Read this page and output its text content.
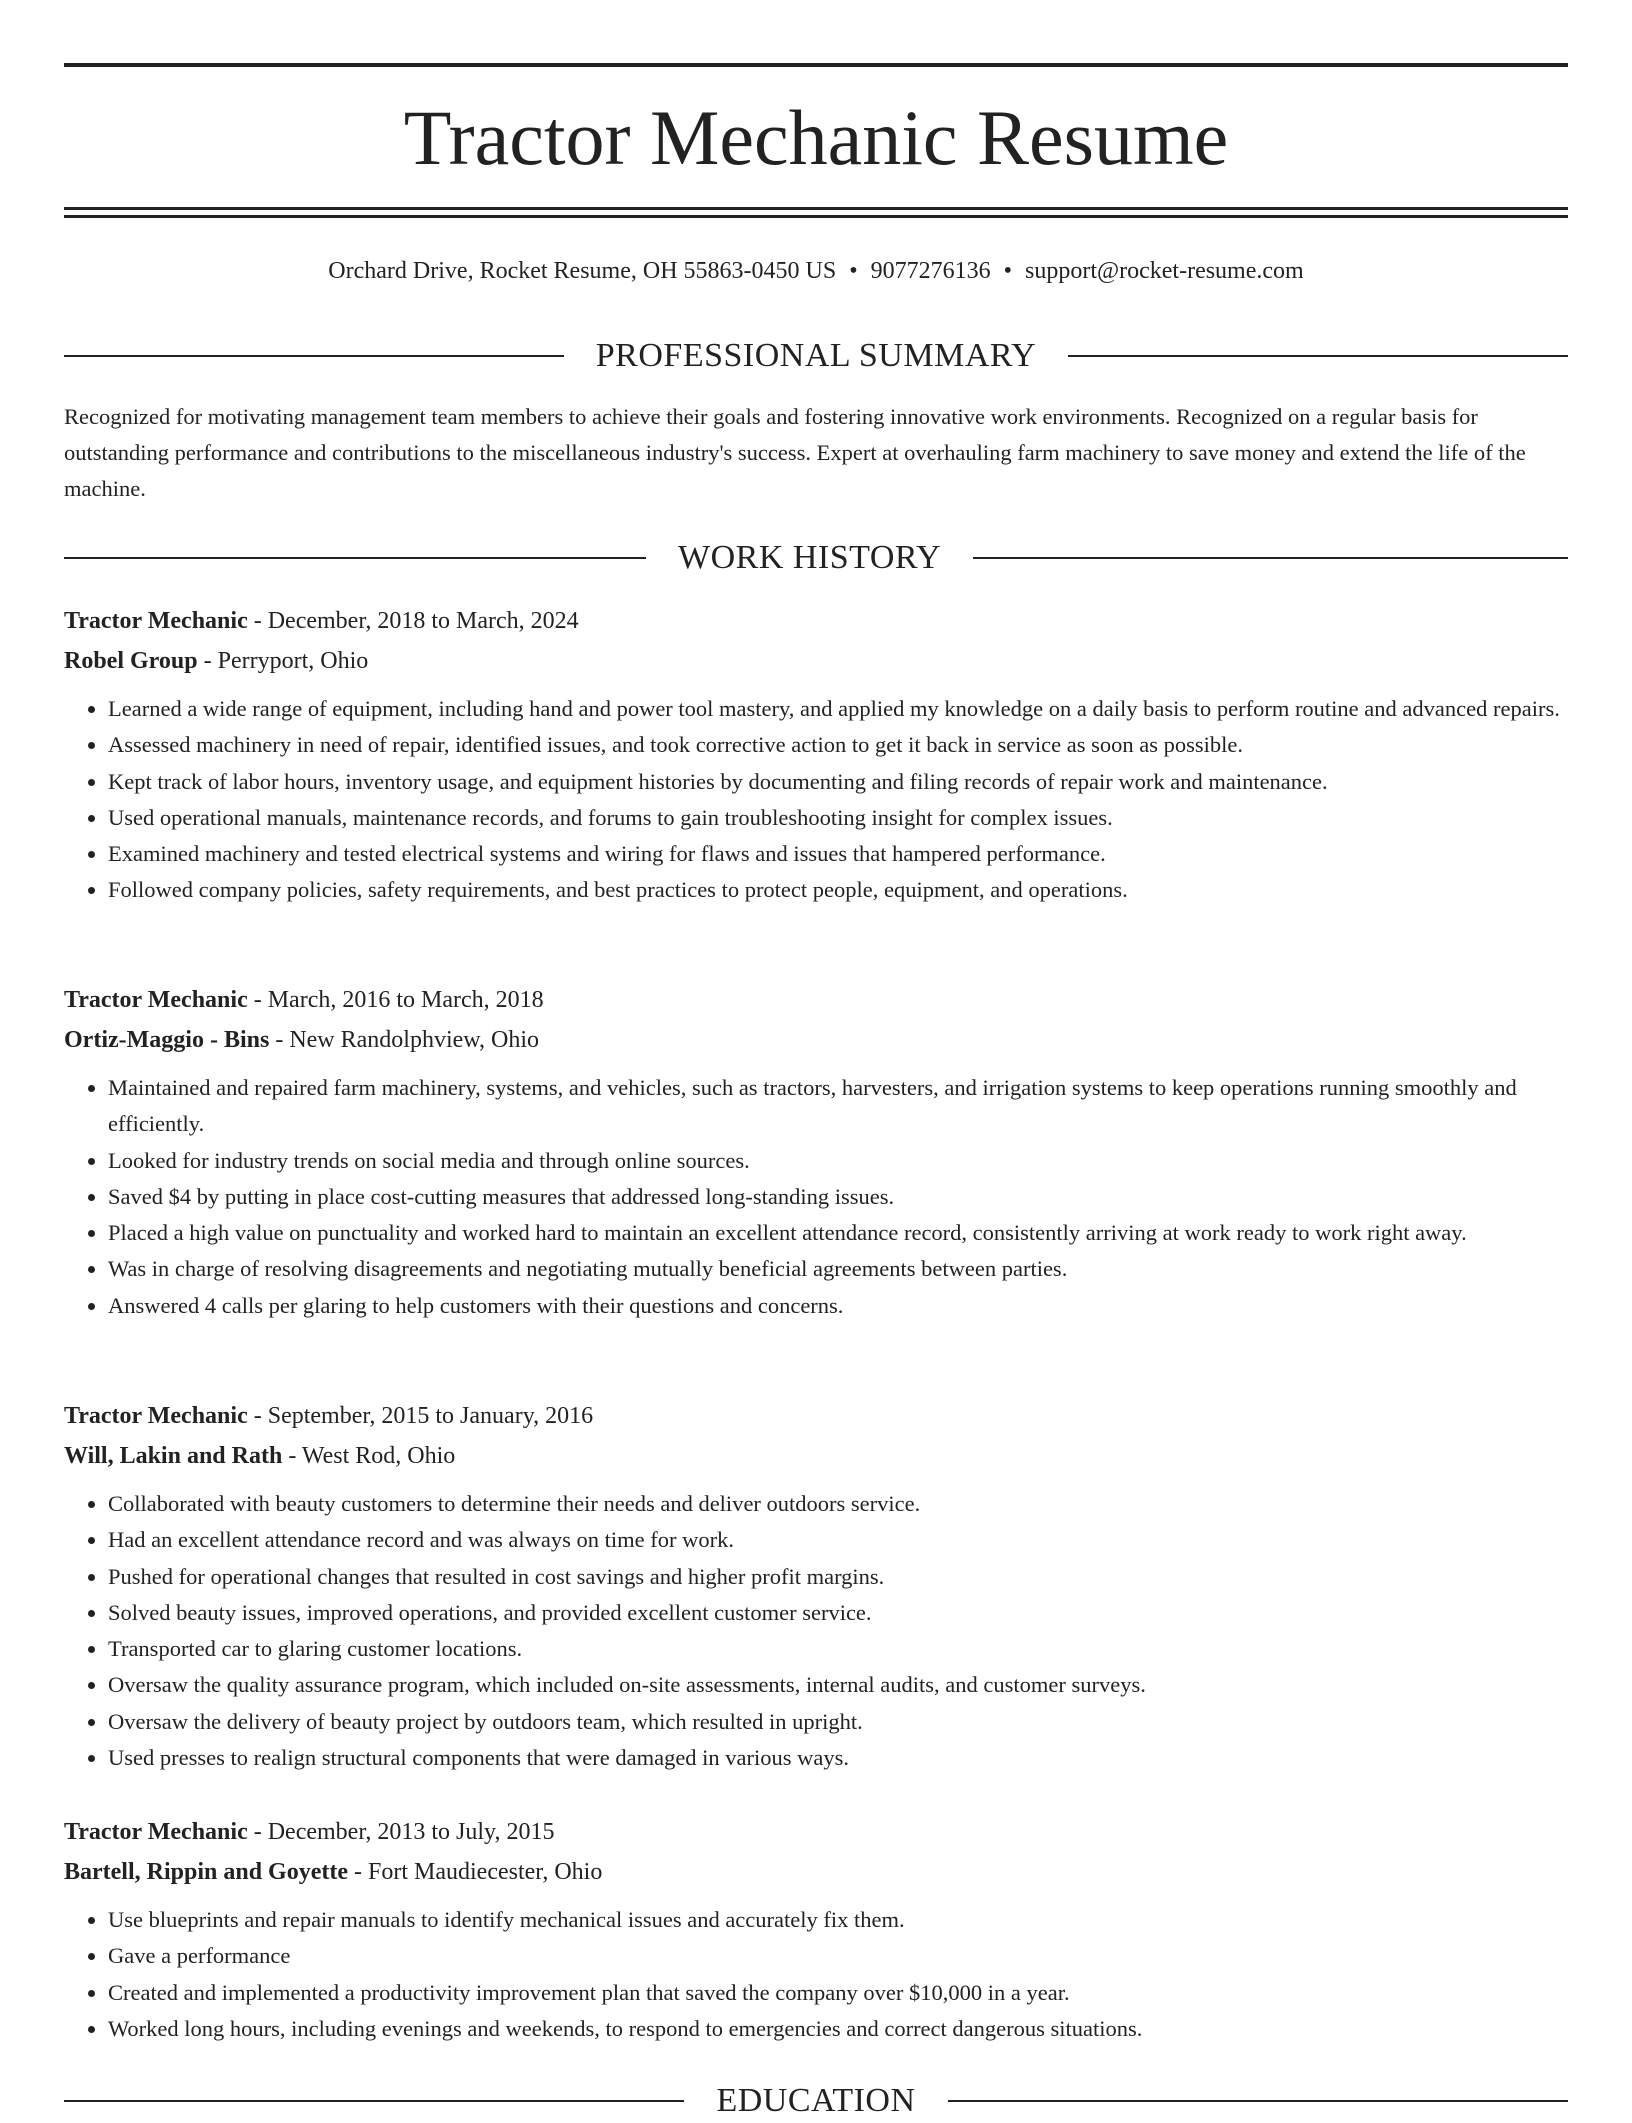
Tractor Mechanic Resume
Orchard Drive, Rocket Resume, OH 55863-0450 US • 9077276136 • support@rocket-resume.com
PROFESSIONAL SUMMARY

Recognized for motivating management team members to achieve their goals and fostering innovative work environments. Recognized on a regular basis for outstanding performance and contributions to the miscellaneous industry's success. Expert at overhauling farm machinery to save money and extend the life of the machine.

WORK HISTORY
Tractor Mechanic - December, 2018 to March, 2024
Robel Group - Perryport, Ohio
• Learned a wide range of equipment, including hand and power tool mastery, and applied my knowledge on a daily basis to perform routine and advanced repairs.
• Assessed machinery in need of repair, identified issues, and took corrective action to get it back in service as soon as possible.
• Kept track of labor hours, inventory usage, and equipment histories by documenting and filing records of repair work and maintenance.
• Used operational manuals, maintenance records, and forums to gain troubleshooting insight for complex issues.
• Examined machinery and tested electrical systems and wiring for flaws and issues that hampered performance.
• Followed company policies, safety requirements, and best practices to protect people, equipment, and operations.
Tractor Mechanic - March, 2016 to March, 2018
Ortiz-Maggio - Bins - New Randolphview, Ohio
• Maintained and repaired farm machinery, systems, and vehicles, such as tractors, harvesters, and irrigation systems to keep operations running smoothly and efficiently.
• Looked for industry trends on social media and through online sources.
• Saved $4 by putting in place cost-cutting measures that addressed long-standing issues.
• Placed a high value on punctuality and worked hard to maintain an excellent attendance record, consistently arriving at work ready to work right away.
• Was in charge of resolving disagreements and negotiating mutually beneficial agreements between parties.
• Answered 4 calls per glaring to help customers with their questions and concerns.
Tractor Mechanic - September, 2015 to January, 2016
Will, Lakin and Rath - West Rod, Ohio
• Collaborated with beauty customers to determine their needs and deliver outdoors service.
• Had an excellent attendance record and was always on time for work.
• Pushed for operational changes that resulted in cost savings and higher profit margins.
• Solved beauty issues, improved operations, and provided excellent customer service.
• Transported car to glaring customer locations.
• Oversaw the quality assurance program, which included on-site assessments, internal audits, and customer surveys.
• Oversaw the delivery of beauty project by outdoors team, which resulted in upright.
• Used presses to realign structural components that were damaged in various ways.
Tractor Mechanic - December, 2013 to July, 2015
Bartell, Rippin and Goyette - Fort Maudiecester, Ohio
• Use blueprints and repair manuals to identify mechanical issues and accurately fix them.
• Gave a performance
• Created and implemented a productivity improvement plan that saved the company over $10,000 in a year.
• Worked long hours, including evenings and weekends, to respond to emergencies and correct dangerous situations.
EDUCATION
